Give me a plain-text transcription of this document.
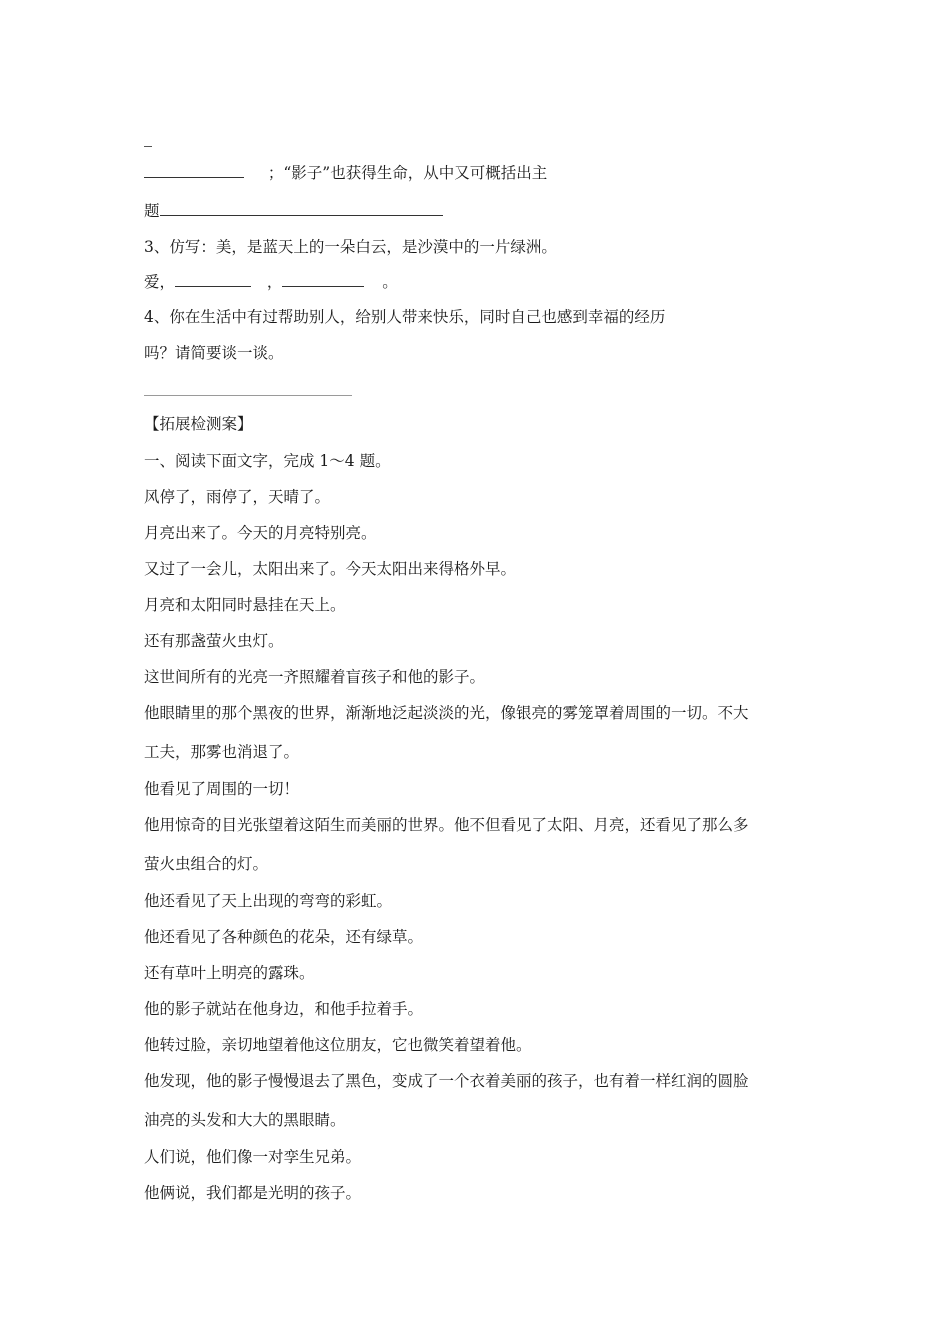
；“影子”也获得生命，从中又可概括出主
题
3、仿写：美，是蓝天上的一朵白云，是沙漠中的一片绿洲。
爱，	，	。
4、你在生活中有过帮助别人，给别人带来快乐，同时自己也感到幸福的经历
吗？请简要谈一谈。
【拓展检测案】
一、阅读下面文字，完成 1～4 题。
风停了，雨停了，天晴了。
月亮出来了。今天的月亮特别亮。
又过了一会儿，太阳出来了。今天太阳出来得格外早。
月亮和太阳同时悬挂在天上。
还有那盏萤火虫灯。
这世间所有的光亮一齐照耀着盲孩子和他的影子。
他眼睛里的那个黑夜的世界，渐渐地泛起淡淡的光，像银亮的雾笼罩着周围的一切。不大
工夫，那雾也消退了。
他看见了周围的一切！
他用惊奇的目光张望着这陌生而美丽的世界。他不但看见了太阳、月亮，还看见了那么多
萤火虫组合的灯。
他还看见了天上出现的弯弯的彩虹。
他还看见了各种颜色的花朵，还有绿草。
还有草叶上明亮的露珠。
他的影子就站在他身边，和他手拉着手。
他转过脸，亲切地望着他这位朋友，它也微笑着望着他。
他发现，他的影子慢慢退去了黑色，变成了一个衣着美丽的孩子，也有着一样红润的圆脸
油亮的头发和大大的黑眼睛。
人们说，他们像一对孪生兄弟。
他俩说，我们都是光明的孩子。
